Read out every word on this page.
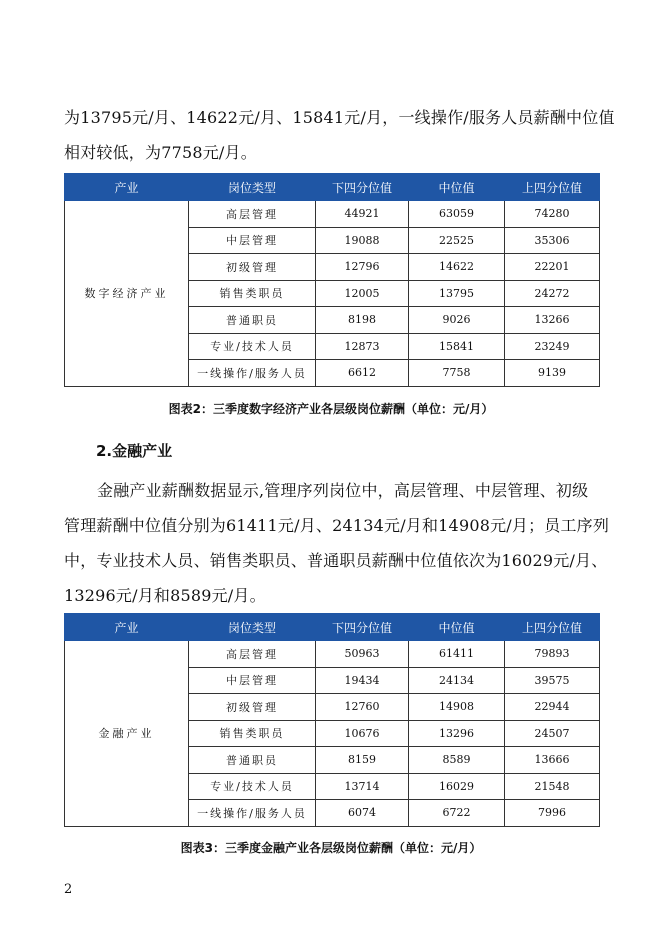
为13795元/月、14622元/月、15841元/月，一线操作/服务人员薪酬中位值
相对较低，为7758元/月。

产业	岗位类型	下四分位值	中位值	上四分位值
数字经济产业	高层管理	44921	63059	74280
	中层管理	19088	22525	35306
	初级管理	12796	14622	22201
	销售类职员	12005	13795	24272
	普通职员	8198	9026	13266
	专业/技术人员	12873	15841	23249
	一线操作/服务人员	6612	7758	9139

图表2：三季度数字经济产业各层级岗位薪酬（单位：元/月）

2.金融产业

金融产业薪酬数据显示,管理序列岗位中，高层管理、中层管理、初级
管理薪酬中位值分别为61411元/月、24134元/月和14908元/月；员工序列
中，专业技术人员、销售类职员、普通职员薪酬中位值依次为16029元/月、
13296元/月和8589元/月。

产业	岗位类型	下四分位值	中位值	上四分位值
金融产业	高层管理	50963	61411	79893
	中层管理	19434	24134	39575
	初级管理	12760	14908	22944
	销售类职员	10676	13296	24507
	普通职员	8159	8589	13666
	专业/技术人员	13714	16029	21548
	一线操作/服务人员	6074	6722	7996

图表3：三季度金融产业各层级岗位薪酬（单位：元/月）

2
